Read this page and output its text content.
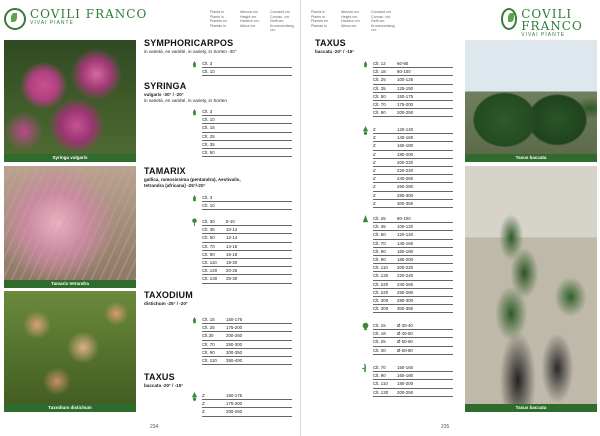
Syringa vulgaris
Tamarix tetrandra
Taxodium distichum
SYMPHORICARPOS
in varietà, en variété, in variety, in Sorten -30°
Clt. 3
Clt. 10
SYRINGA
vulgaris -30° / -20°
in varietà, en variété, in variety, in Sorten
Clt. 3
Clt. 10
Clt. 15
Clt. 25
Clt. 35
Clt. 50
TAMARIX
gallica, ramosissima (pentandra), Aestivalis,
tetrandra (africana) -25°/-20°
Clt. 3
Clt. 10
Clt. 30	8-10
Clt. 35	10-12
Clt. 50	12-14
Clt. 70	14-16
Clt. 90	16-18
Clt. 110	18-20
Clt. 120	20-25
Clt. 130	25-30
TAXODIUM
distichum -25° / -20°
Clt. 15	150-175
Clt. 25	175-200
Clt.30	200-250
Clt. 70	250-300
Clt. 90	300-350
Clt. 110	350-400
TAXUS
baccata -20° / -15°
Z	150-175
Z	175-200
Z	200-250
234
Pianta in Plants in Plantes en Plantas in
Altezza cm. Height cm. Hauteur cm. Altura cm.
Conoscit cm. Conosc. cm. Gefit cm. Kronenumfang cm.
COVILI FRANCO
VIVAI PIANTE
TAXUS
baccata -20° / -15°
Clt. 12	60-80
Clt. 18	80-100
Clt. 25	100-125
Clt. 35	125-150
Clt. 50	150-175
Clt. 70	175-200
Clt. 90	200-250
Z	120-140
Z	140-160
Z	160-180
Z	180-200
Z	200-220
Z	220-240
Z	240-260
Z	260-280
Z	280-300
Z	300-350
Clt. 25	80-100
Clt. 35	100-120
Clt. 50	120-140
Clt. 70	140-160
Clt. 90	160-180
Clt. 90	180-200
Clt. 110	200-220
Clt. 130	220-240
Clt. 220	240-260
Clt. 220	260-280
Clt. 300	280-300
Clt. 300	300-350
Clt. 15	Ø 30-40
Clt. 18	Ø 40-50
Clt. 25	Ø 50-60
Clt. 30	Ø 60-80
Clt. 70	150-160
Clt. 90	160-180
Clt. 110	180-200
Clt. 130	200-250
Taxus baccata
Taxus baccata
235
COVILI FRANCO
VIVAI PIANTE
Pianta in Plants in Plantes en Plantas in
Altezza cm. Height cm. Hauteur cm. Altura cm.
Conoscit cm. Conosc. cm. Gefit cm. Kronenumfang cm.
